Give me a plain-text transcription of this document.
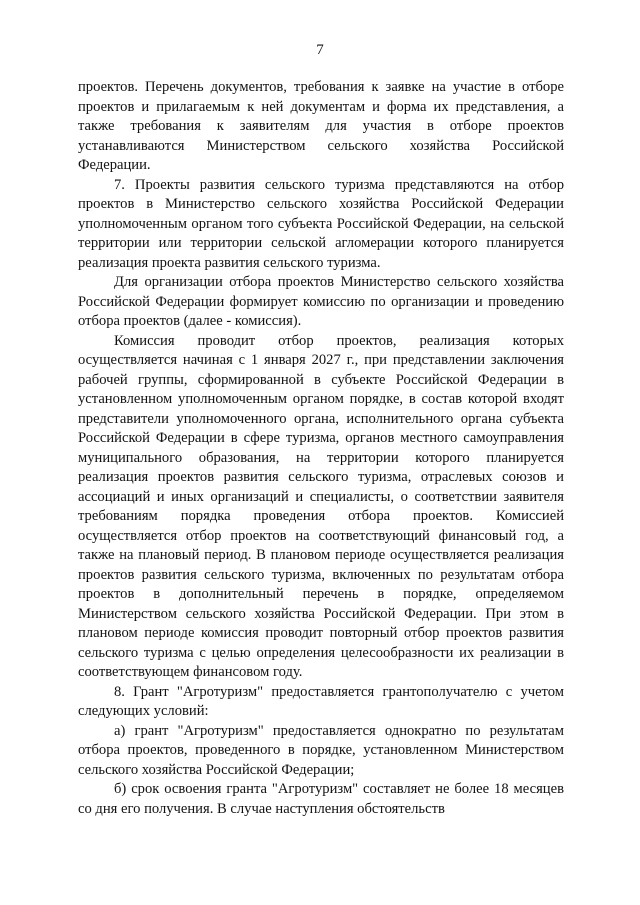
7

проектов. Перечень документов, требования к заявке на участие в отборе проектов и прилагаемым к ней документам и форма их представления, а также требования к заявителям для участия в отборе проектов устанавливаются Министерством сельского хозяйства Российской Федерации.

7. Проекты развития сельского туризма представляются на отбор проектов в Министерство сельского хозяйства Российской Федерации уполномоченным органом того субъекта Российской Федерации, на сельской территории или территории сельской агломерации которого планируется реализация проекта развития сельского туризма.

Для организации отбора проектов Министерство сельского хозяйства Российской Федерации формирует комиссию по организации и проведению отбора проектов (далее - комиссия).

Комиссия проводит отбор проектов, реализация которых осуществляется начиная с 1 января 2027 г., при представлении заключения рабочей группы, сформированной в субъекте Российской Федерации в установленном уполномоченным органом порядке, в состав которой входят представители уполномоченного органа, исполнительного органа субъекта Российской Федерации в сфере туризма, органов местного самоуправления муниципального образования, на территории которого планируется реализация проектов развития сельского туризма, отраслевых союзов и ассоциаций и иных организаций и специалисты, о соответствии заявителя требованиям порядка проведения отбора проектов. Комиссией осуществляется отбор проектов на соответствующий финансовый год, а также на плановый период. В плановом периоде осуществляется реализация проектов развития сельского туризма, включенных по результатам отбора проектов в дополнительный перечень в порядке, определяемом Министерством сельского хозяйства Российской Федерации. При этом в плановом периоде комиссия проводит повторный отбор проектов развития сельского туризма с целью определения целесообразности их реализации в соответствующем финансовом году.

8. Грант "Агротуризм" предоставляется грантополучателю с учетом следующих условий:

а) грант "Агротуризм" предоставляется однократно по результатам отбора проектов, проведенного в порядке, установленном Министерством сельского хозяйства Российской Федерации;

б) срок освоения гранта "Агротуризм" составляет не более 18 месяцев со дня его получения. В случае наступления обстоятельств
